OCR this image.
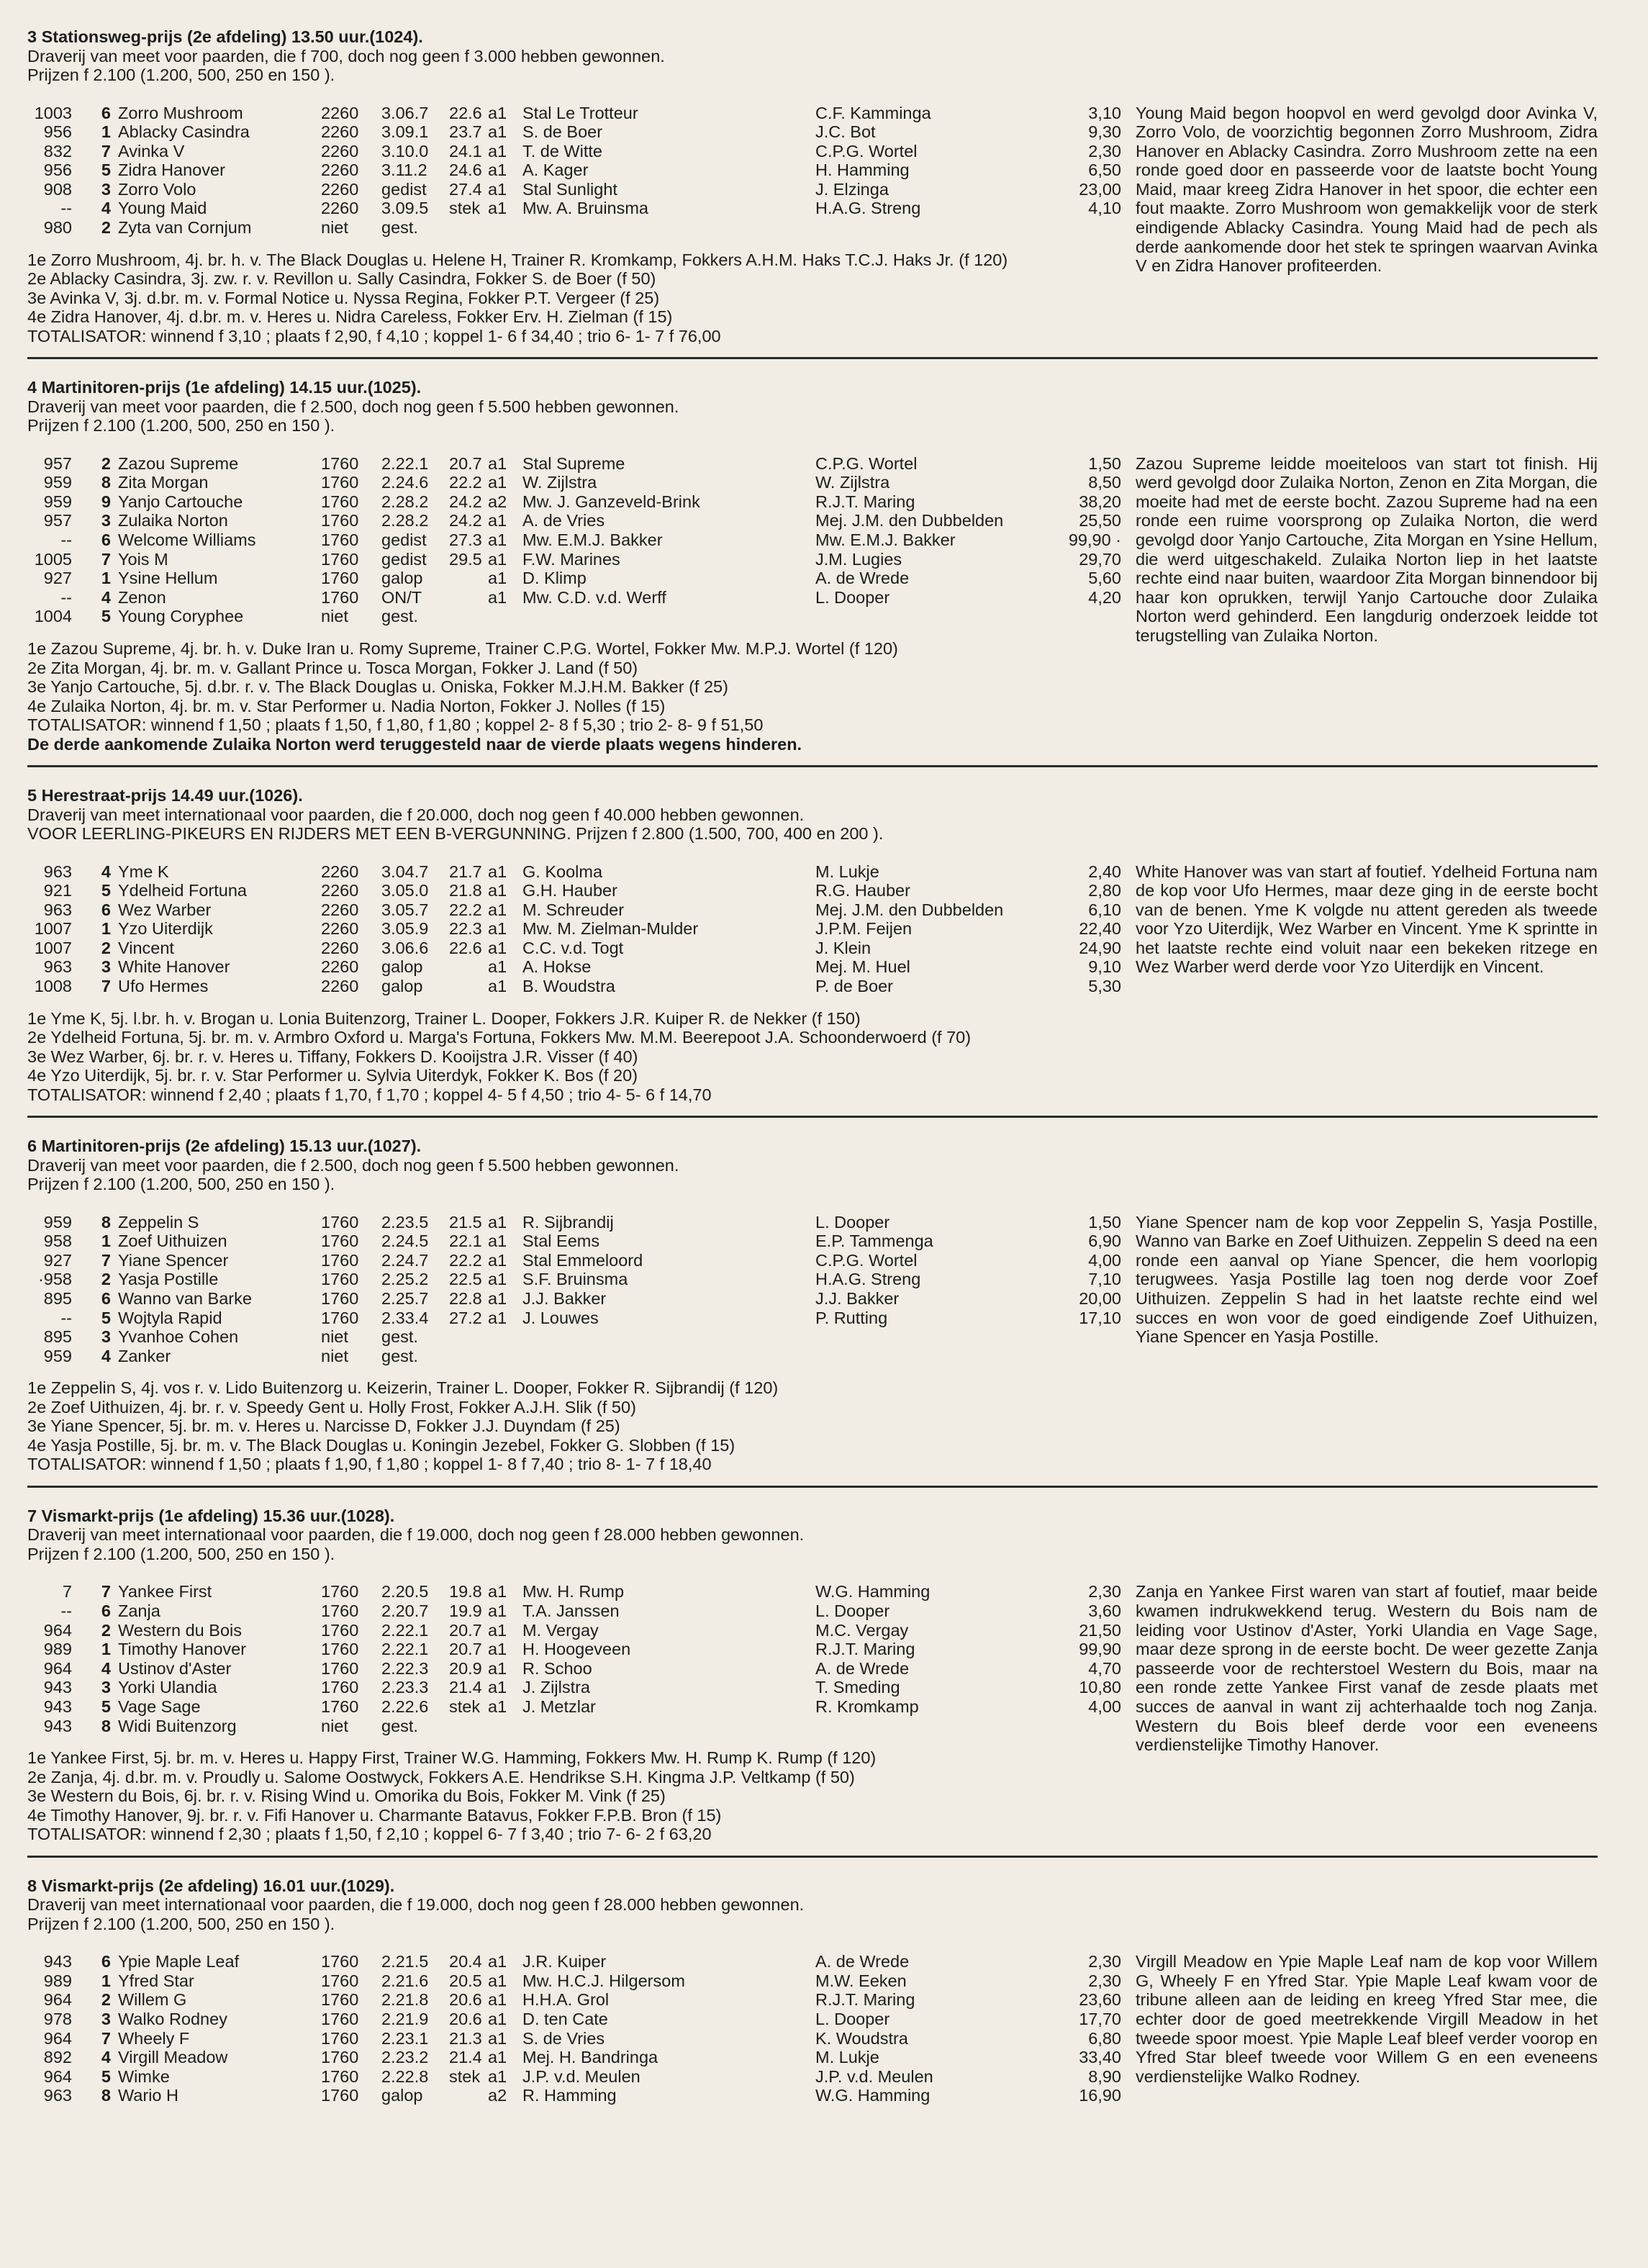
3 Stationsweg-prijs (2e afdeling) 13.50 uur.(1024).
Draverij van meet voor paarden, die f 700, doch nog geen f 3.000 hebben gewonnen.
Prijzen f 2.100 (1.200, 500, 250 en 150 ).
1003	6 Zorro Mushroom	2260 3.06.7 22.6 a1 Stal Le Trotteur	C.F. Kamminga	3,10
956	1 Ablacky Casindra	2260 3.09.1 23.7 a1 S. de Boer	J.C. Bot	9,30
832	7 Avinka V	2260 3.10.0 24.1 a1 T. de Witte	C.P.G. Wortel	2,30
956	5 Zidra Hanover	2260 3.11.2 24.6 a1 A. Kager	H. Hamming	6,50
908	3 Zorro Volo	2260 gedist 27.4 a1 Stal Sunlight	J. Elzinga	23,00
--	4 Young Maid	2260 3.09.5 stek a1 Mw. A. Bruinsma	H.A.G. Streng	4,10
980	2 Zyta van Cornjum	niet gest.
Young Maid begon hoopvol en werd gevolgd door Avinka V, Zorro Volo, de voorzichtig begonnen Zorro Mushroom, Zidra Hanover en Ablacky Casindra. Zorro Mushroom zette na een ronde goed door en passeerde voor de laatste bocht Young Maid, maar kreeg Zidra Hanover in het spoor, die echter een fout maakte. Zorro Mushroom won gemakkelijk voor de sterk eindigende Ablacky Casindra. Young Maid had de pech als derde aankomende door het stek te springen waarvan Avinka V en Zidra Hanover profiteerden.
1e Zorro Mushroom, 4j. br. h. v. The Black Douglas u. Helene H, Trainer R. Kromkamp, Fokkers A.H.M. Haks T.C.J. Haks Jr. (f 120)
2e Ablacky Casindra, 3j. zw. r. v. Revillon u. Sally Casindra, Fokker S. de Boer (f 50)
3e Avinka V, 3j. d.br. m. v. Formal Notice u. Nyssa Regina, Fokker P.T. Vergeer (f 25)
4e Zidra Hanover, 4j. d.br. m. v. Heres u. Nidra Careless, Fokker Erv. H. Zielman (f 15)
TOTALISATOR: winnend f 3,10 ; plaats f 2,90, f 4,10 ; koppel 1- 6 f 34,40 ; trio 6- 1- 7 f 76,00
4 Martinitoren-prijs (1e afdeling) 14.15 uur.(1025).
Draverij van meet voor paarden, die f 2.500, doch nog geen f 5.500 hebben gewonnen.
Prijzen f 2.100 (1.200, 500, 250 en 150 ).
957	2 Zazou Supreme	1760 2.22.1 20.7 a1 Stal Supreme	C.P.G. Wortel	1,50
959	8 Zita Morgan	1760 2.24.6 22.2 a1 W. Zijlstra	W. Zijlstra	8,50
959	9 Yanjo Cartouche	1760 2.28.2 24.2 a2 Mw. J. Ganzeveld-Brink	R.J.T. Maring	38,20
957	3 Zulaika Norton	1760 2.28.2 24.2 a1 A. de Vries	Mej. J.M. den Dubbelden	25,50
--	6 Welcome Williams	1760 gedist 27.3 a1 Mw. E.M.J. Bakker	Mw. E.M.J. Bakker	99,90 ·
1005	7 Yois M	1760 gedist 29.5 a1 F.W. Marines	J.M. Lugies	29,70
927	1 Ysine Hellum	1760 galop	a1 D. Klimp	A. de Wrede	5,60
--	4 Zenon	1760 ON/T	a1 Mw. C.D. v.d. Werff	L. Dooper	4,20
1004	5 Young Coryphee	niet gest.
Zazou Supreme leidde moeiteloos van start tot finish. Hij werd gevolgd door Zulaika Norton, Zenon en Zita Morgan, die moeite had met de eerste bocht. Zazou Supreme had na een ronde een ruime voorsprong op Zulaika Norton, die werd gevolgd door Yanjo Cartouche, Zita Morgan en Ysine Hellum, die werd uitgeschakeld. Zulaika Norton liep in het laatste rechte eind naar buiten, waardoor Zita Morgan binnendoor bij haar kon oprukken, terwijl Yanjo Cartouche door Zulaika Norton werd gehinderd. Een langdurig onderzoek leidde tot terugstelling van Zulaika Norton.
1e Zazou Supreme, 4j. br. h. v. Duke Iran u. Romy Supreme, Trainer C.P.G. Wortel, Fokker Mw. M.P.J. Wortel (f 120)
2e Zita Morgan, 4j. br. m. v. Gallant Prince u. Tosca Morgan, Fokker J. Land (f 50)
3e Yanjo Cartouche, 5j. d.br. r. v. The Black Douglas u. Oniska, Fokker M.J.H.M. Bakker (f 25)
4e Zulaika Norton, 4j. br. m. v. Star Performer u. Nadia Norton, Fokker J. Nolles (f 15)
TOTALISATOR: winnend f 1,50 ; plaats f 1,50, f 1,80, f 1,80 ; koppel 2- 8 f 5,30 ; trio 2- 8- 9 f 51,50
De derde aankomende Zulaika Norton werd teruggesteld naar de vierde plaats wegens hinderen.
5 Herestraat-prijs 14.49 uur.(1026).
Draverij van meet internationaal voor paarden, die f 20.000, doch nog geen f 40.000 hebben gewonnen.
VOOR LEERLING-PIKEURS EN RIJDERS MET EEN B-VERGUNNING. Prijzen f 2.800 (1.500, 700, 400 en 200 ).
963	4 Yme K	2260 3.04.7 21.7 a1 G. Koolma	M. Lukje	2,40
921	5 Ydelheid Fortuna	2260 3.05.0 21.8 a1 G.H. Hauber	R.G. Hauber	2,80
963	6 Wez Warber	2260 3.05.7 22.2 a1 M. Schreuder	Mej. J.M. den Dubbelden	6,10
1007	1 Yzo Uiterdijk	2260 3.05.9 22.3 a1 Mw. M. Zielman-Mulder	J.P.M. Feijen	22,40
1007	2 Vincent	2260 3.06.6 22.6 a1 C.C. v.d. Togt	J. Klein	24,90
963	3 White Hanover	2260 galop	a1 A. Hokse	Mej. M. Huel	9,10
1008	7 Ufo Hermes	2260 galop	a1 B. Woudstra	P. de Boer	5,30
White Hanover was van start af foutief. Ydelheid Fortuna nam de kop voor Ufo Hermes, maar deze ging in de eerste bocht van de benen. Yme K volgde nu attent gereden als tweede voor Yzo Uiterdijk, Wez Warber en Vincent. Yme K sprintte in het laatste rechte eind voluit naar een bekeken ritzege en Wez Warber werd derde voor Yzo Uiterdijk en Vincent.
1e Yme K, 5j. l.br. h. v. Brogan u. Lonia Buitenzorg, Trainer L. Dooper, Fokkers J.R. Kuiper R. de Nekker (f 150)
2e Ydelheid Fortuna, 5j. br. m. v. Armbro Oxford u. Marga's Fortuna, Fokkers Mw. M.M. Beerepoot J.A. Schoonderwoerd (f 70)
3e Wez Warber, 6j. br. r. v. Heres u. Tiffany, Fokkers D. Kooijstra J.R. Visser (f 40)
4e Yzo Uiterdijk, 5j. br. r. v. Star Performer u. Sylvia Uiterdyk, Fokker K. Bos (f 20)
TOTALISATOR: winnend f 2,40 ; plaats f 1,70, f 1,70 ; koppel 4- 5 f 4,50 ; trio 4- 5- 6 f 14,70
6 Martinitoren-prijs (2e afdeling) 15.13 uur.(1027).
Draverij van meet voor paarden, die f 2.500, doch nog geen f 5.500 hebben gewonnen.
Prijzen f 2.100 (1.200, 500, 250 en 150 ).
959	8 Zeppelin S	1760 2.23.5 21.5 a1 R. Sijbrandij	L. Dooper	1,50
958	1 Zoef Uithuizen	1760 2.24.5 22.1 a1 Stal Eems	E.P. Tammenga	6,90
927	7 Yiane Spencer	1760 2.24.7 22.2 a1 Stal Emmeloord	C.P.G. Wortel	4,00
·958	2 Yasja Postille	1760 2.25.2 22.5 a1 S.F. Bruinsma	H.A.G. Streng	7,10
895	6 Wanno van Barke	1760 2.25.7 22.8 a1 J.J. Bakker	J.J. Bakker	20,00
--	5 Wojtyla Rapid	1760 2.33.4 27.2 a1 J. Louwes	P. Rutting	17,10
895	3 Yvanhoe Cohen	niet gest.
959	4 Zanker	niet gest.
Yiane Spencer nam de kop voor Zeppelin S, Yasja Postille, Wanno van Barke en Zoef Uithuizen. Zeppelin S deed na een ronde een aanval op Yiane Spencer, die hem voorlopig terugwees. Yasja Postille lag toen nog derde voor Zoef Uithuizen. Zeppelin S had in het laatste rechte eind wel succes en won voor de goed eindigende Zoef Uithuizen, Yiane Spencer en Yasja Postille.
1e Zeppelin S, 4j. vos r. v. Lido Buitenzorg u. Keizerin, Trainer L. Dooper, Fokker R. Sijbrandij (f 120)
2e Zoef Uithuizen, 4j. br. r. v. Speedy Gent u. Holly Frost, Fokker A.J.H. Slik (f 50)
3e Yiane Spencer, 5j. br. m. v. Heres u. Narcisse D, Fokker J.J. Duyndam (f 25)
4e Yasja Postille, 5j. br. m. v. The Black Douglas u. Koningin Jezebel, Fokker G. Slobben (f 15)
TOTALISATOR: winnend f 1,50 ; plaats f 1,90, f 1,80 ; koppel 1- 8 f 7,40 ; trio 8- 1- 7 f 18,40
7 Vismarkt-prijs (1e afdeling) 15.36 uur.(1028).
Draverij van meet internationaal voor paarden, die f 19.000, doch nog geen f 28.000 hebben gewonnen.
Prijzen f 2.100 (1.200, 500, 250 en 150 ).
7	7 Yankee First	1760 2.20.5 19.8 a1 Mw. H. Rump	W.G. Hamming	2,30
--	6 Zanja	1760 2.20.7 19.9 a1 T.A. Janssen	L. Dooper	3,60
964	2 Western du Bois	1760 2.22.1 20.7 a1 M. Vergay	M.C. Vergay	21,50
989	1 Timothy Hanover	1760 2.22.1 20.7 a1 H. Hoogeveen	R.J.T. Maring	99,90
964	4 Ustinov d'Aster	1760 2.22.3 20.9 a1 R. Schoo	A. de Wrede	4,70
943	3 Yorki Ulandia	1760 2.23.3 21.4 a1 J. Zijlstra	T. Smeding	10,80
943	5 Vage Sage	1760 2.22.6 stek a1 J. Metzlar	R. Kromkamp	4,00
943	8 Widi Buitenzorg	niet gest.
Zanja en Yankee First waren van start af foutief, maar beide kwamen indrukwekkend terug. Western du Bois nam de leiding voor Ustinov d'Aster, Yorki Ulandia en Vage Sage, maar deze sprong in de eerste bocht. De weer gezette Zanja passeerde voor de rechterstoel Western du Bois, maar na een ronde zette Yankee First vanaf de zesde plaats met succes de aanval in want zij achterhaalde toch nog Zanja. Western du Bois bleef derde voor een eveneens verdienstelijke Timothy Hanover.
1e Yankee First, 5j. br. m. v. Heres u. Happy First, Trainer W.G. Hamming, Fokkers Mw. H. Rump K. Rump (f 120)
2e Zanja, 4j. d.br. m. v. Proudly u. Salome Oostwyck, Fokkers A.E. Hendrikse S.H. Kingma J.P. Veltkamp (f 50)
3e Western du Bois, 6j. br. r. v. Rising Wind u. Omorika du Bois, Fokker M. Vink (f 25)
4e Timothy Hanover, 9j. br. r. v. Fifi Hanover u. Charmante Batavus, Fokker F.P.B. Bron (f 15)
TOTALISATOR: winnend f 2,30 ; plaats f 1,50, f 2,10 ; koppel 6- 7 f 3,40 ; trio 7- 6- 2 f 63,20
8 Vismarkt-prijs (2e afdeling) 16.01 uur.(1029).
Draverij van meet internationaal voor paarden, die f 19.000, doch nog geen f 28.000 hebben gewonnen.
Prijzen f 2.100 (1.200, 500, 250 en 150 ).
943	6 Ypie Maple Leaf	1760 2.21.5 20.4 a1 J.R. Kuiper	A. de Wrede	2,30
989	1 Yfred Star	1760 2.21.6 20.5 a1 Mw. H.C.J. Hilgersom	M.W. Eeken	2,30
964	2 Willem G	1760 2.21.8 20.6 a1 H.H.A. Grol	R.J.T. Maring	23,60
978	3 Walko Rodney	1760 2.21.9 20.6 a1 D. ten Cate	L. Dooper	17,70
964	7 Wheely F	1760 2.23.1 21.3 a1 S. de Vries	K. Woudstra	6,80
892	4 Virgill Meadow	1760 2.23.2 21.4 a1 Mej. H. Bandringa	M. Lukje	33,40
964	5 Wimke	1760 2.22.8 stek a1 J.P. v.d. Meulen	J.P. v.d. Meulen	8,90
963	8 Wario H	1760 galop	a2 R. Hamming	W.G. Hamming	16,90
Virgill Meadow en Ypie Maple Leaf nam de kop voor Willem G, Wheely F en Yfred Star. Ypie Maple Leaf kwam voor de tribune alleen aan de leiding en kreeg Yfred Star mee, die echter door de goed meetrekkende Virgill Meadow in het tweede spoor moest. Ypie Maple Leaf bleef verder voorop en Yfred Star bleef tweede voor Willem G en een eveneens verdienstelijke Walko Rodney.
